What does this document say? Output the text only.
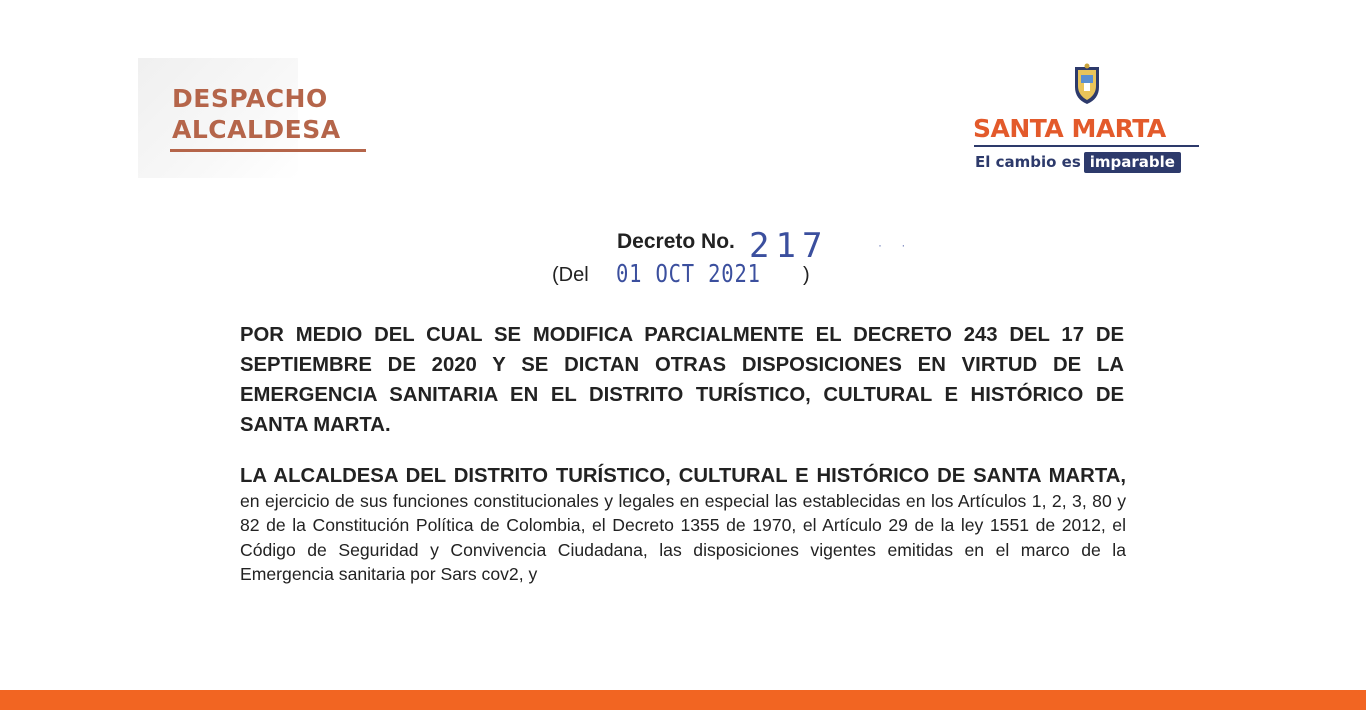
DESPACHO
ALCALDESA	SANTA MARTA
El cambio es imparable
Decreto No. 217	· ·
(Del 01 OCT 2021 )
POR MEDIO DEL CUAL SE MODIFICA PARCIALMENTE EL DECRETO 243 DEL 17 DE SEPTIEMBRE DE 2020 Y SE DICTAN OTRAS DISPOSICIONES EN VIRTUD DE LA EMERGENCIA SANITARIA EN EL DISTRITO TURÍSTICO, CULTURAL E HISTÓRICO DE SANTA MARTA.
LA ALCALDESA DEL DISTRITO TURÍSTICO, CULTURAL E HISTÓRICO DE SANTA MARTA, en ejercicio de sus funciones constitucionales y legales en especial las establecidas en los Artículos 1, 2, 3, 80 y 82 de la Constitución Política de Colombia, el Decreto 1355 de 1970, el Artículo 29 de la ley 1551 de 2012, el Código de Seguridad y Convivencia Ciudadana, las disposiciones vigentes emitidas en el marco de la Emergencia sanitaria por Sars cov2, y
